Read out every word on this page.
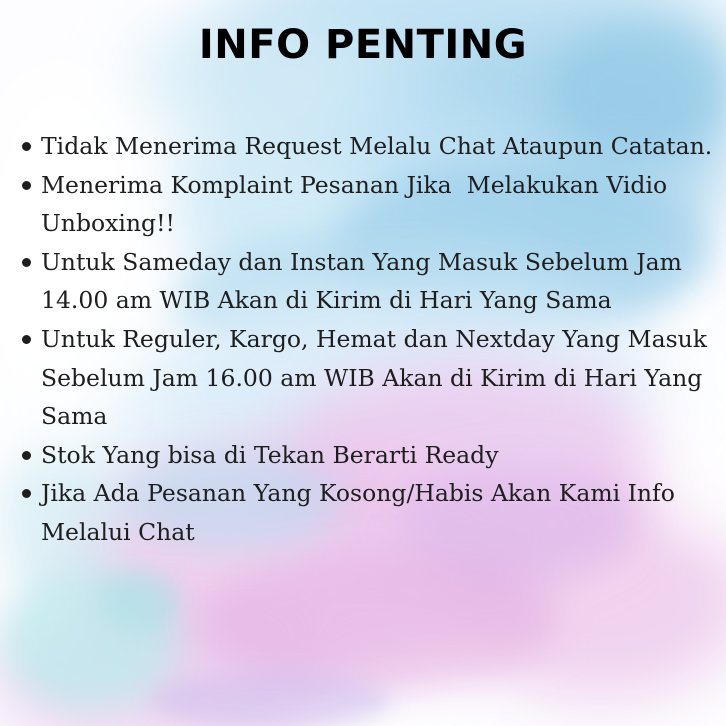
INFO PENTING
Tidak Menerima Request Melalu Chat Ataupun Catatan.
Menerima Komplaint Pesanan Jika  Melakukan Vidio Unboxing!!
Untuk Sameday dan Instan Yang Masuk Sebelum Jam 14.00 am WIB Akan di Kirim di Hari Yang Sama
Untuk Reguler, Kargo, Hemat dan Nextday Yang Masuk Sebelum Jam 16.00 am WIB Akan di Kirim di Hari Yang Sama
Stok Yang bisa di Tekan Berarti Ready
Jika Ada Pesanan Yang Kosong/Habis Akan Kami Info Melalui Chat
